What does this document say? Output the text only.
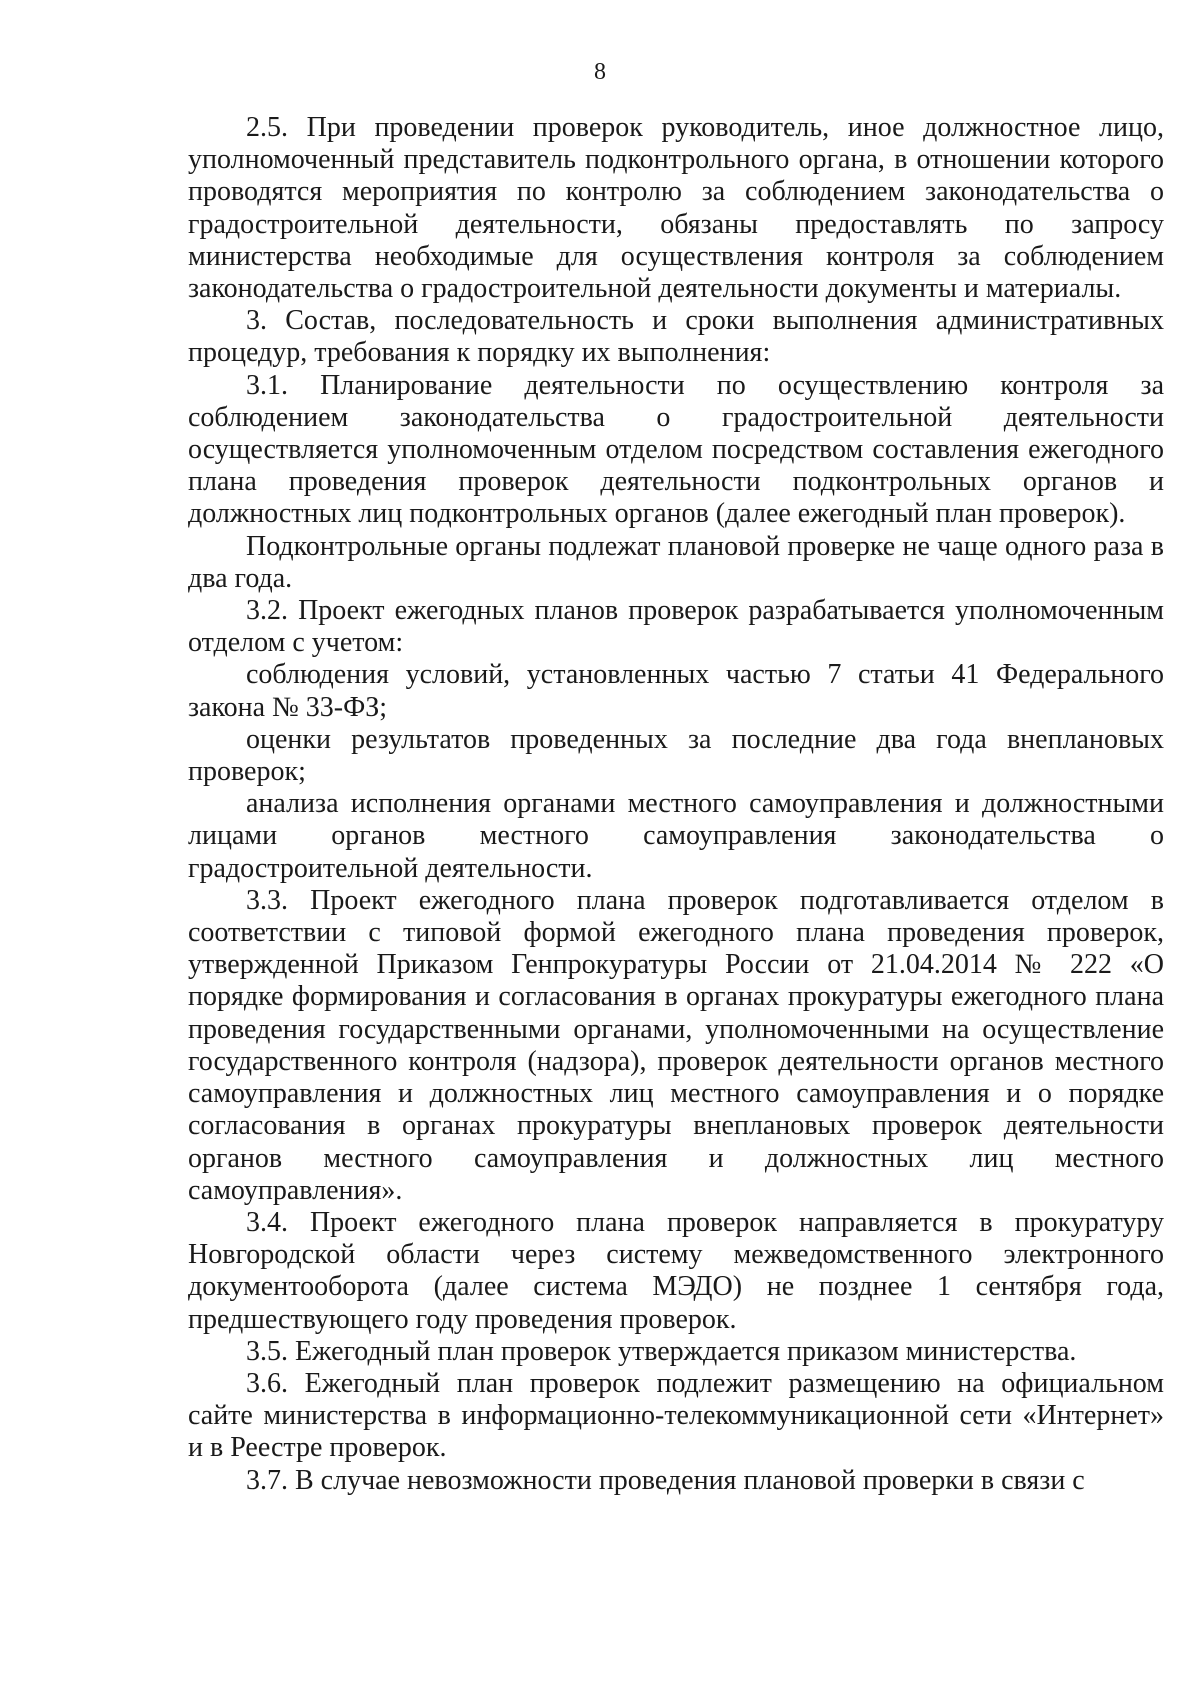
8

2.5. При проведении проверок руководитель, иное должностное лицо, уполномоченный представитель подконтрольного органа, в отношении которого проводятся мероприятия по контролю за соблюдением законодательства о градостроительной деятельности, обязаны предоставлять по запросу министерства необходимые для осуществления контроля за соблюдением законодательства о градостроительной деятельности документы и материалы.

3. Состав, последовательность и сроки выполнения административных процедур, требования к порядку их выполнения:

3.1. Планирование деятельности по осуществлению контроля за соблюдением законодательства о градостроительной деятельности осуществляется уполномоченным отделом посредством составления ежегодного плана проведения проверок деятельности подконтрольных органов и должностных лиц подконтрольных органов (далее ежегодный план проверок).

Подконтрольные органы подлежат плановой проверке не чаще одного раза в два года.

3.2. Проект ежегодных планов проверок разрабатывается уполномоченным отделом с учетом:

соблюдения условий, установленных частью 7 статьи 41 Федерального закона № 33-ФЗ;

оценки результатов проведенных за последние два года внеплановых проверок;

анализа исполнения органами местного самоуправления и должностными лицами органов местного самоуправления законодательства о градостроительной деятельности.

3.3. Проект ежегодного плана проверок подготавливается отделом в соответствии с типовой формой ежегодного плана проведения проверок, утвержденной Приказом Генпрокуратуры России от 21.04.2014 № 222 «О порядке формирования и согласования в органах прокуратуры ежегодного плана проведения государственными органами, уполномоченными на осуществление государственного контроля (надзора), проверок деятельности органов местного самоуправления и должностных лиц местного самоуправления и о порядке согласования в органах прокуратуры внеплановых проверок деятельности органов местного самоуправления и должностных лиц местного самоуправления».

3.4. Проект ежегодного плана проверок направляется в прокуратуру Новгородской области через систему межведомственного электронного документооборота (далее система МЭДО) не позднее 1 сентября года, предшествующего году проведения проверок.

3.5. Ежегодный план проверок утверждается приказом министерства.

3.6. Ежегодный план проверок подлежит размещению на официальном сайте министерства в информационно-телекоммуникационной сети «Интернет» и в Реестре проверок.

3.7. В случае невозможности проведения плановой проверки в связи с
